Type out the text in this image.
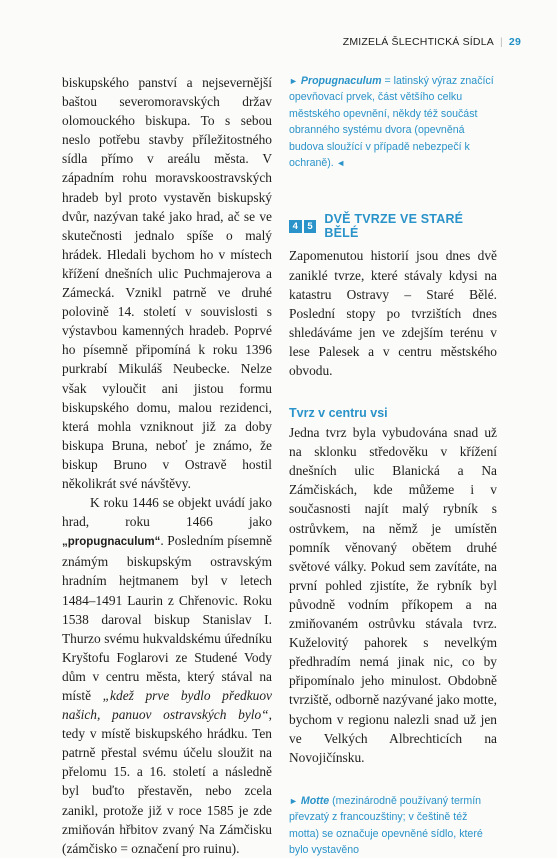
ZMIZELÁ ŠLECHTICKÁ SÍDLA | 29

biskupského panství a nejsevernější baštou severomoravských držav olomouckého biskupa. To s sebou neslo potřebu stavby příležitostného sídla přímo v areálu města. V západním rohu moravskoostravských hradeb byl proto vystavěn biskupský dvůr, nazývan také jako hrad, ač se ve skutečnosti jednalo spíše o malý hrádek. Hledali bychom ho v místech křížení dnešních ulic Puchmajerova a Zámecká. Vznikl patrně ve druhé polovině 14. století v souvislosti s výstavbou kamenných hradeb. Poprvé ho písemně připomíná k roku 1396 purkrabí Mikuláš Neubecke. Nelze však vyloučit ani jistou formu biskupského domu, malou rezidenci, která mohla vzniknout již za doby biskupa Bruna, neboť je známo, že biskup Bruno v Ostravě hostil několikrát své návštěvy.

K roku 1446 se objekt uvádí jako hrad, roku 1466 jako „propugnaculum“. Posledním písemně známým biskupským ostravským hradním hejtmanem byl v letech 1484–1491 Laurin z Chřenovic. Roku 1538 daroval biskup Stanislav I. Thurzo svému hukvaldskému úředníku Kryštofu Foglarovi ze Studené Vody dům v centru města, který stával na místě „kdež prve bydlo předkuov našich, panuov ostravských bylo“, tedy v místě biskupského hrádku. Ten patrně přestal svému účelu sloužit na přelomu 15. a 16. století a následně byl buďto přestavěn, nebo zcela zanikl, protože již v roce 1585 je zde zmiňován hřbitov zvaný Na Zámčisku (zámčisko = označení pro ruinu).

► Propugnaculum = latinský výraz značící opevňovací prvek, část většího celku městského opevnění, někdy též součást obranného systému dvora (opevněná budova sloužící v případě nebezpečí k ochraně). ◄
4 5 DVĚ TVRZE VE STARÉ BĚLÉ
Zapomenutou historií jsou dnes dvě zaniklé tvrze, které stávaly kdysi na katastru Ostravy – Staré Bělé. Poslední stopy po tvrzištích dnes shledáváme jen ve zdejším terénu v lese Palesek a v centru městského obvodu.
Tvrz v centru vsi
Jedna tvrz byla vybudována snad už na sklonku středověku v křížení dnešních ulic Blanická a Na Zámčiskách, kde můžeme i v současnosti najít malý rybník s ostrůvkem, na němž je umístěn pomník věnovaný obětem druhé světové války. Pokud sem zavítáte, na první pohled zjistíte, že rybník byl původně vodním příkopem a na zmiňovaném ostrůvku stávala tvrz. Kuželovitý pahorek s nevelkým předhradím nemá jinak nic, co by připomínalo jeho minulost. Obdobně tvrziště, odborně nazývané jako motte, bychom v regionu nalezli snad už jen ve Velkých Albrechticích na Novojičínsku.
► Motte (mezinárodně používaný termín převzatý z francouzštiny; v češtině též motta) se označuje opevněné sídlo, které bylo vystavěno
